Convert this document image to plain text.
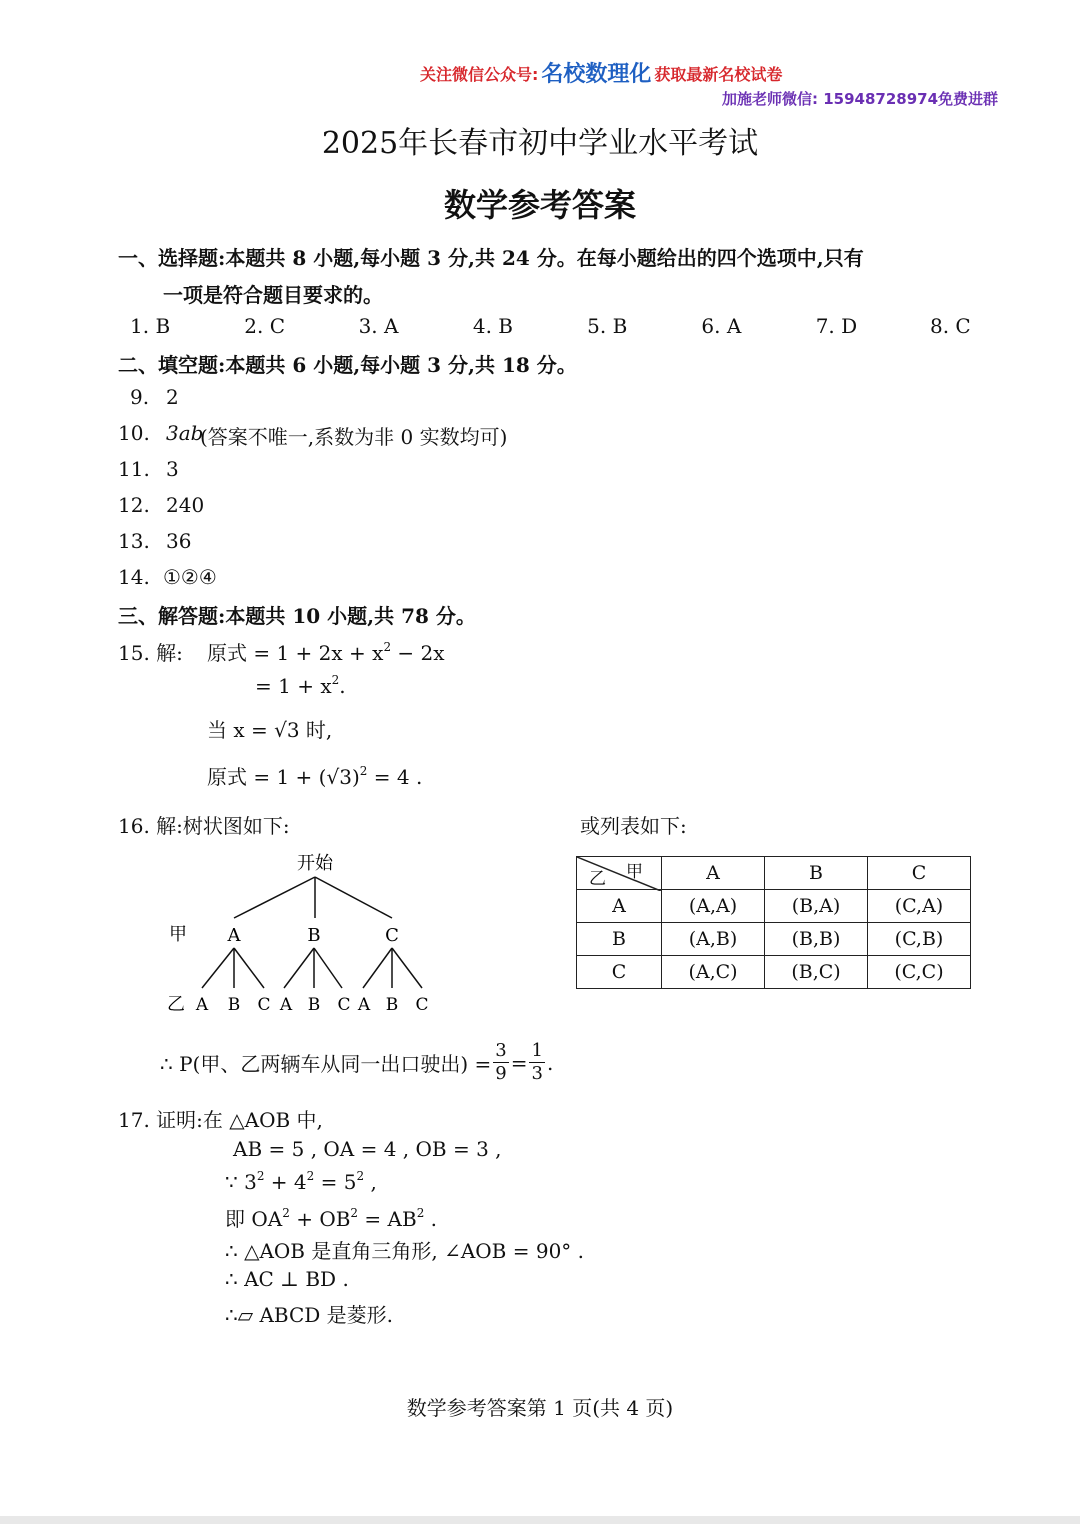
关注微信公众号: 名校数理化 获取最新名校试卷
加施老师微信: 15948728974免费进群
2025年长春市初中学业水平考试
数学参考答案
一、选择题:本题共 8 小题,每小题 3 分,共 24 分。在每小题给出的四个选项中,只有
一项是符合题目要求的。
1. B	2. C	3. A	4. B	5. B	6. A	7. D	8. C
二、填空题:本题共 6 小题,每小题 3 分,共 18 分。
9. 2
10. 3ab
(答案不唯一,系数为非 0 实数均可)
11. 3
12. 240
13. 36
14. ①②④
三、解答题:本题共 10 小题,共 78 分。
15. 解: 原式 = $1 + 2x + x^2 - 2x$
= $1 + x^2$.
当 x = √3 时,
原式 = $1 + (√3)^2 = 4$ .
16. 解:树状图如下:	或列表如下:
开始
甲 A	B	C
乙 A B C A B C A B C
甲
乙	A	B	C
A	(A,A)	(B,A)	(C,A)
B	(A,B)	(B,B)	(C,B)
C	(A,C)	(B,C)	(C,C)
∴ P(甲、乙两辆车从同一出口驶出) = $\frac{3}{9} = \frac{1}{3}$ .
17. 证明:在 △AOB 中,
AB = 5 , OA = 4 , OB = 3 ,
∵ $3^2 + 4^2 = 5^2$ ,
即 $OA^2 + OB^2 = AB^2$ .
∴ △AOB 是直角三角形, ∠AOB = 90° .
∴ AC ⊥ BD .
∴▱ ABCD 是菱形.
数学参考答案第 1 页(共 4 页)
